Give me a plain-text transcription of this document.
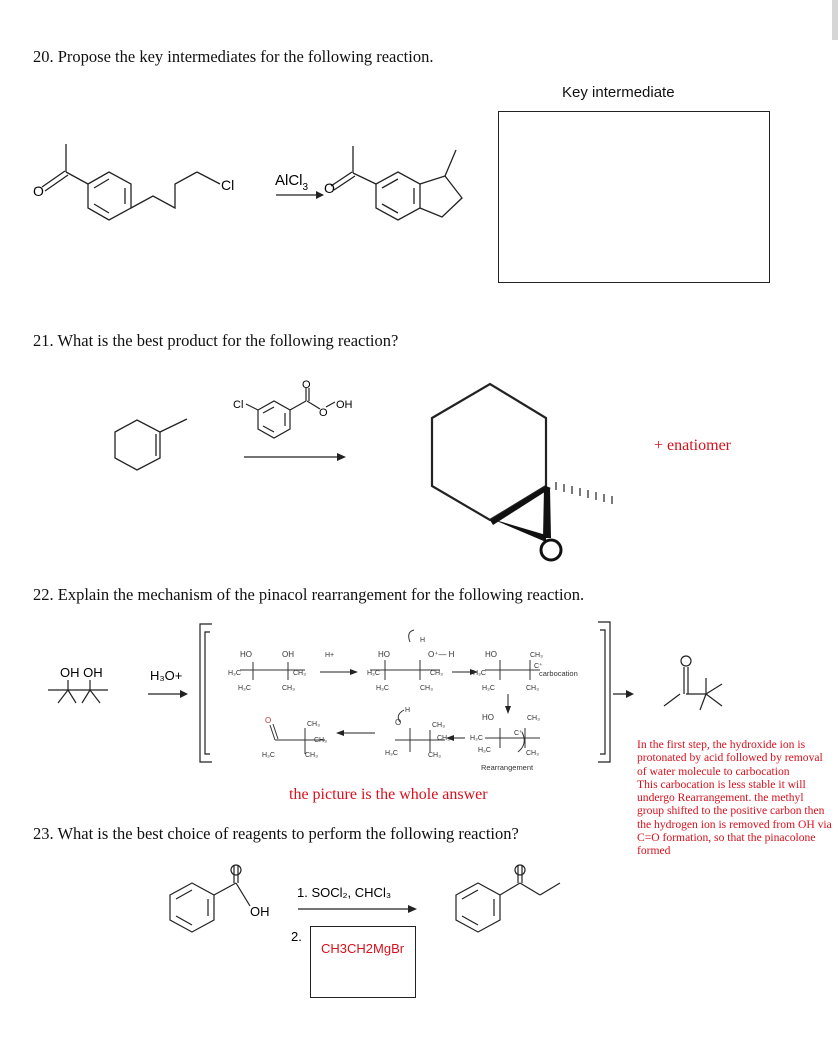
20. Propose the key intermediates for the following reaction.
Key intermediate
Cl
O
AlCl$_3$ O
Cl
O
O
OH
OH OH	H₃O+
HO	OH
H₃C	CH₃
H₃C	CH₃
H+	HO	O⁺— H
H
H₃C	CH₃
H₃C	CH₃
HO	CH₃
H₃C
C⁺
H₃C	CH₃
carbocation
HO	CH₃
H₃C
C⁺
H₃C	CH₃
Rearrangement
H
O	CH₃
CH₃
H₃C	CH₃
O	CH₃
CH₃
H₃C	CH₃
OH
1. SOCl₂, CHCl₃
2.
21. What is the best product for the following reaction?
+ enatiomer
22. Explain the mechanism of the pinacol rearrangement for the following reaction.
the picture is the whole answer

In the first step, the hydroxide ion is protonated by acid followed by removal of water molecule to carbocation

This carbocation is less stable it will undergo Rearrangement. the methyl group shifted to the positive carbon then the hydrogen ion is removed from OH via C=O formation, so that the pinacolone formed

23. What is the best choice of reagents to perform the following reaction?
CH3CH2MgBr
